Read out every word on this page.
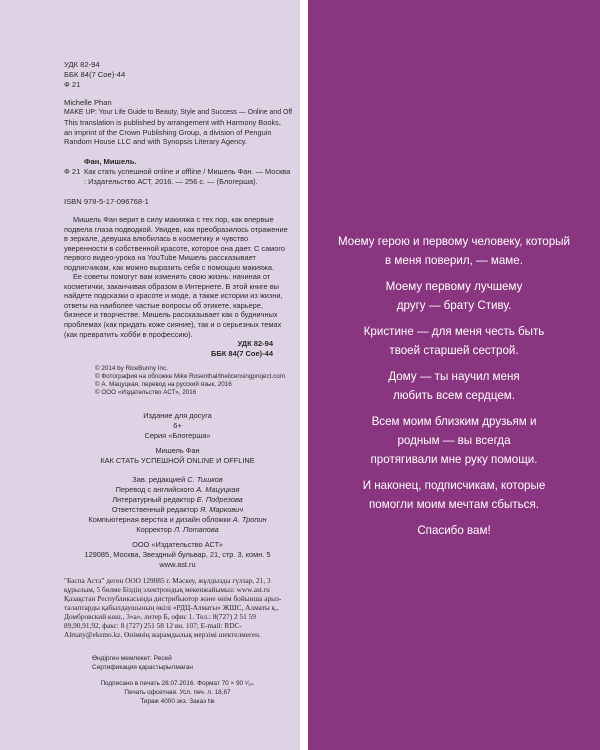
УДК 82-94
ББК 84(7 Сое)-44
Ф 21
Michelle Phan
MAKE UP: Your Life Guide to Beauty, Style and Success — Online and Off

This translation is published by arrangement with Harmony Books, an imprint of the Crown Publishing Group, a division of Penguin Random House LLC and with Synopsis Literary Agency.

Фан, Мишель.
Ф 21 Как стать успешной online и offline / Мишель Фан. — Москва : Издательство АСТ, 2016. — 256 с. — (Блогерша).

ISBN 978-5-17-096768-1

Мишель Фан верит в силу макияжа с тех пор, как впервые подвела глаза подводкой. Увидев, как преобразилось отражение в зеркале, девушка влюбилась в косметику и чувство уверенности в собственной красоте, которое она дает. С самого первого видео-урока на YouTube Мишель рассказывает подписчикам, как можно выразить себя с помощью макияжа.

Ее советы помогут вам изменить свою жизнь: начиная от косметички, заканчивая образом в Интернете. В этой книге вы найдете подсказки о красоте и моде, а также истории из жизни, ответы на наиболее частые вопросы об этикете, карьере, бизнесе и творчестве. Мишель рассказывает как о будничных проблемах (как придать коже сияние), так и о серьезных темах (как превратить хобби в профессию).

УДК 82-94
ББК 84(7 Сое)-44
© 2014 by RiceBunny Inc.
© Фотография на обложке Mike Rosenthal/thelicensingproject.com
© А. Мацуцкая, перевод на русский язык, 2016
© ООО «Издательство АСТ», 2016
Издание для досуга
6+
Серия «Блогерша»
Мишель Фан
КАК СТАТЬ УСПЕШНОЙ ONLINE И OFFLINE
Зав. редакцией С. Тишков
Перевод с английского А. Мацуцкая
Литературный редактор Е. Подрезова
Ответственный редактор Я. Маркович
Компьютерная верстка и дизайн обложки А. Тропин
Корректор Л. Потапова
ООО «Издательство АСТ»
129085, Москва, Звездный бульвар, 21, стр. 3, комн. 5
www.ast.ru
"Баспа Аста" деген ООО 129085 г. Мәскеу, жұлдызды гүлзар, 21, 3 құрылым, 5 бөлме Біздің электрондық мекенжайымыз: www.ast.ru Қазақстан Республикасында дистрибьютор және өнім бойынша арыз-талаптарды қабылдаушының өкілі «РДЦ-Алматы» ЖШС, Алматы қ., Домбровский көш., 3«а», литер Б, офис 1. Тел.: 8(727) 2 51 59 89,90,91,92, факс: 8 (727) 251 58 12 вн. 107; E-mail: RDC-Almaty@eksmo.kz. Өнімнің жарамдылық мерзімі шектелмеген.
Өндірген мемлекет: Ресей
Сертификация қарастырылмаған
Подписано в печать 28.07.2016. Формат 70 × 90 ¹⁄₁₆.
Печать офсетная. Усл. печ. л. 18,67
Тираж 4000 экз. Заказ №
Моему герою и первому человеку, который в меня поверил, — маме.
Моему первому лучшему другу — брату Стиву.
Кристине — для меня честь быть твоей старшей сестрой.
Дому — ты научил меня любить всем сердцем.
Всем моим близким друзьям и родным — вы всегда протягивали мне руку помощи.
И наконец, подписчикам, которые помогли моим мечтам сбыться.
Спасибо вам!
